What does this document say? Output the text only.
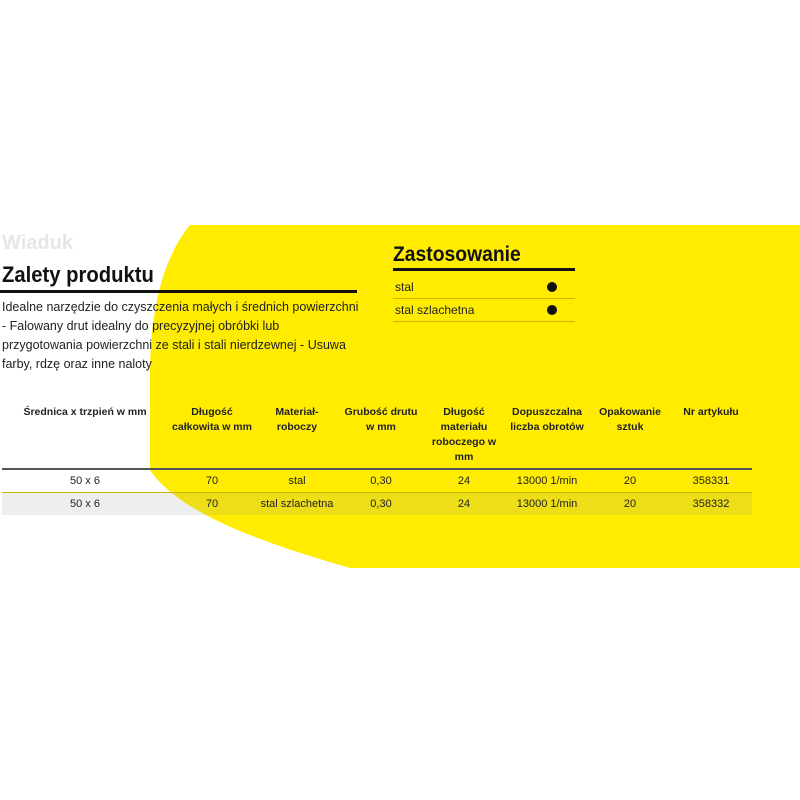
Wiaduk
Zalety produktu
Idealne narzędzie do czyszczenia małych i średnich powierzchni - Falowany drut idealny do precyzyjnej obróbki lub przygotowania powierzchni ze stali i stali nierdzewnej - Usuwa farby, rdzę oraz inne naloty
Zastosowanie
stal
stal szlachetna
Średnica x trzpień w mm	Długość całkowita w mm	Materiał- roboczy	Grubość drutu w mm	Długość materiału roboczego w mm	Dopuszczalna liczba obrotów	Opakowanie sztuk	Nr artykułu
50 x 6	70	stal	0,30	24	13000 1/min	20	358331
50 x 6	70	stal szlachetna	0,30	24	13000 1/min	20	358332
